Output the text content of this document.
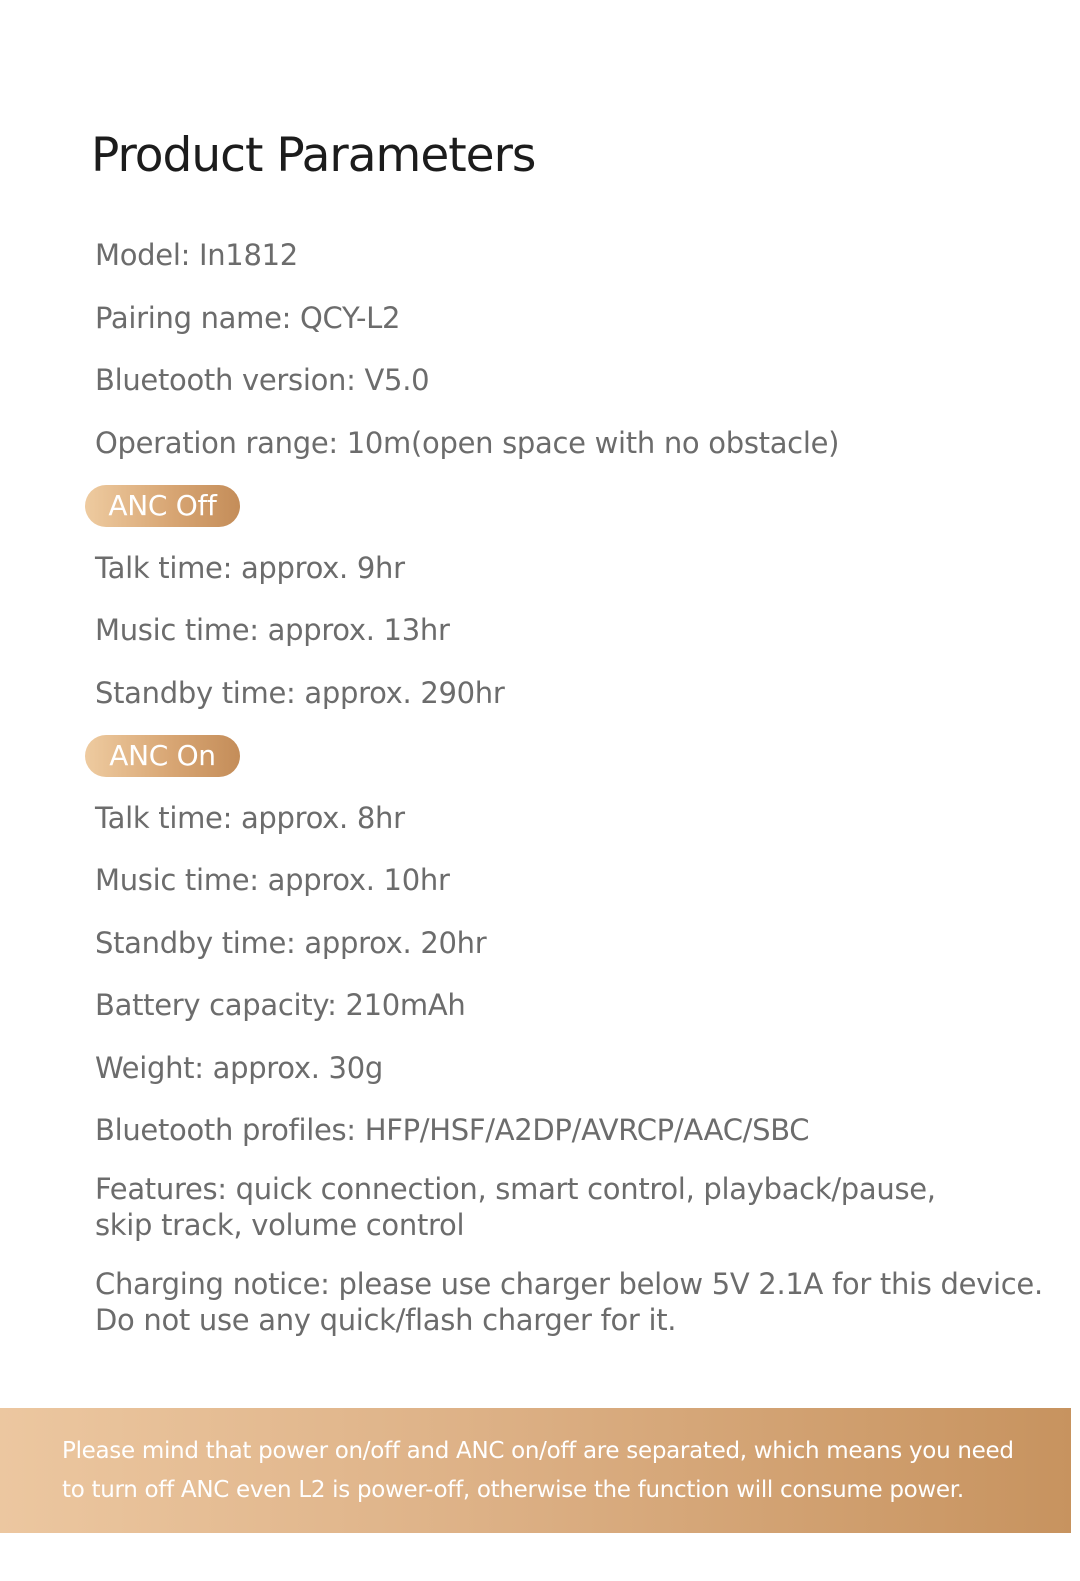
Product Parameters
Model: In1812
Pairing name: QCY-L2
Bluetooth version: V5.0
Operation range: 10m(open space with no obstacle)
ANC Off
Talk time: approx. 9hr
Music time: approx. 13hr
Standby time: approx. 290hr
ANC On
Talk time: approx. 8hr
Music time: approx. 10hr
Standby time: approx. 20hr
Battery capacity: 210mAh
Weight: approx. 30g
Bluetooth profiles: HFP/HSF/A2DP/AVRCP/AAC/SBC
Features: quick connection, smart control, playback/pause,
skip track, volume control
Charging notice: please use charger below 5V 2.1A for this device.
Do not use any quick/flash charger for it.
Please mind that power on/off and ANC on/off are separated, which means you need
to turn off ANC even L2 is power-off, otherwise the function will consume power.
